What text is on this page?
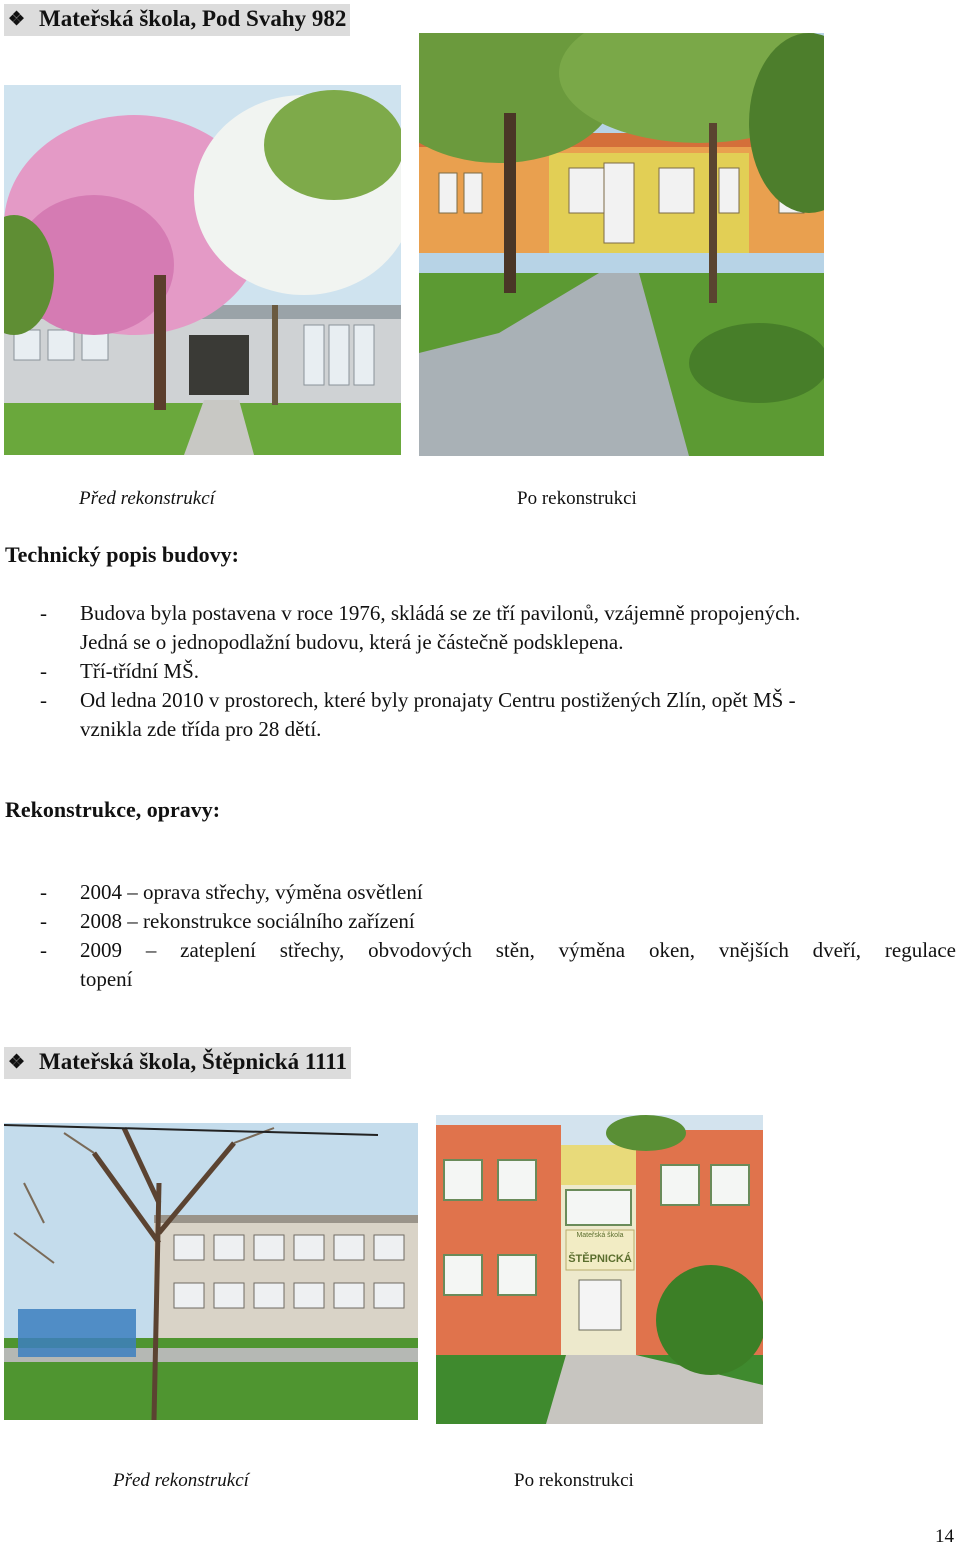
❖ Mateřská škola, Pod Svahy 982
Před rekonstrukcí	Po rekonstrukci
Technický popis budovy:
- Budova byla postavena v roce 1976, skládá se ze tří pavilonů, vzájemně propojených.
Jedná se o jednopodlažní budovu, která je částečně podsklepena.
- Tří-třídní MŠ.
- Od ledna 2010 v prostorech, které byly pronajaty Centru postižených Zlín, opět MŠ -
vznikla zde třída pro 28 dětí.
Rekonstrukce, opravy:
- 2004 – oprava střechy, výměna osvětlení
- 2008 – rekonstrukce sociálního zařízení
- 2009 – zateplení střechy, obvodových stěn, výměna oken, vnějších dveří, regulace
topení
❖ Mateřská škola, Štěpnická 1111
Mateřská škola
ŠTĚPNICKÁ
Před rekonstrukcí	Po rekonstrukci
14
